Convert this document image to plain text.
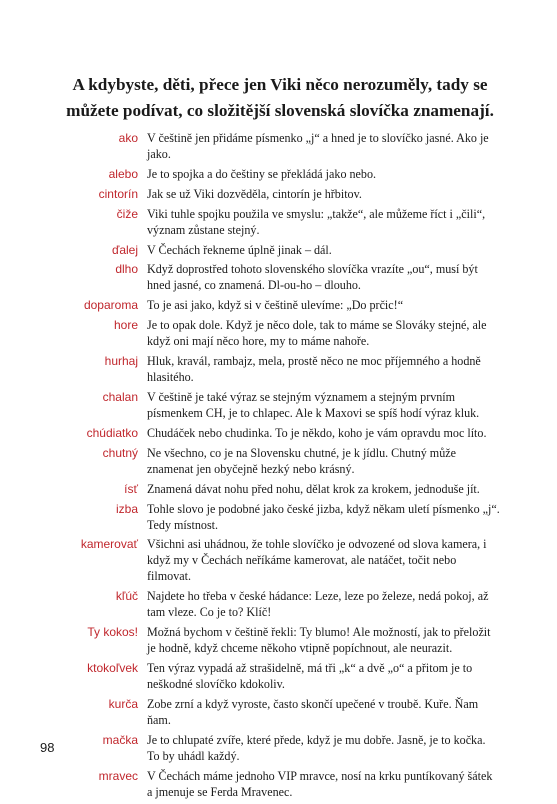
A kdybyste, děti, přece jen Viki něco nerozuměly, tady se můžete podívat, co složitější slovenská slovíčka znamenají.
ako V češtině jen přidáme písmenko „j“ a hned je to slovíčko jasné. Ako je jako.
alebo Je to spojka a do češtiny se překládá jako nebo.
cintorín Jak se už Viki dozvěděla, cintorín je hřbitov.
čiže Viki tuhle spojku použila ve smyslu: „takže“, ale můžeme říct i „čili“, význam zůstane stejný.
ďalej V Čechách řekneme úplně jinak – dál.
dlho Když doprostřed tohoto slovenského slovíčka vrazíte „ou“, musí být hned jasné, co znamená. Dl-ou-ho – dlouho.
doparoma To je asi jako, když si v češtině ulevíme: „Do prčic!“
hore Je to opak dole. Když je něco dole, tak to máme se Slováky stejné, ale když oni mají něco hore, my to máme nahoře.
hurhaj Hluk, kravál, rambajz, mela, prostě něco ne moc příjemného a hodně hlasitého.
chalan V češtině je také výraz se stejným významem a stejným prvním písmenkem CH, je to chlapec. Ale k Maxovi se spíš hodí výraz kluk.
chúdiatko Chudáček nebo chudinka. To je někdo, koho je vám opravdu moc líto.
chutný Ne všechno, co je na Slovensku chutné, je k jídlu. Chutný může znamenat jen obyčejně hezký nebo krásný.
ísť Znamená dávat nohu před nohu, dělat krok za krokem, jednoduše jít.
izba Tohle slovo je podobné jako české jizba, když někam uletí písmenko „j“. Tedy místnost.
kamerovať Všichni asi uhádnou, že tohle slovíčko je odvozené od slova kamera, i když my v Čechách neříkáme kamerovat, ale natáčet, točit nebo filmovat.
kľúč Najdete ho třeba v české hádance: Leze, leze po železe, nedá pokoj, až tam vleze. Co je to? Klíč!
Ty kokos! Možná bychom v češtině řekli: Ty blumo! Ale možností, jak to přeložit je hodně, když chceme někoho vtipně popíchnout, ale neurazit.
ktokoľvek Ten výraz vypadá až strašidelně, má tři „k“ a dvě „o“ a přitom je to neškodné slovíčko kdokoliv.
kurča Zobe zrní a když vyroste, často skončí upečené v troubě. Kuře. Ňam ňam.
mačka Je to chlupaté zvíře, které přede, když je mu dobře. Jasně, je to kočka. To by uhádl každý.
mravec V Čechách máme jednoho VIP mravce, nosí na krku puntíkovaný šátek a jmenuje se Ferda Mravenec.
98
